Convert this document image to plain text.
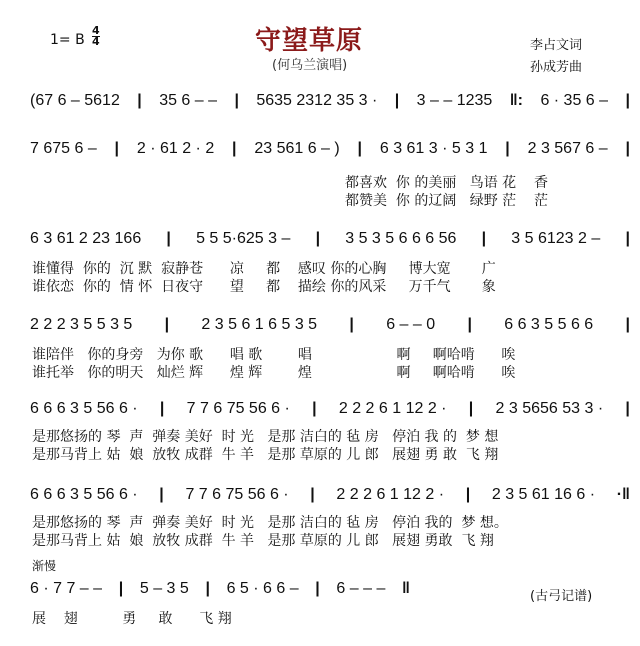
1= B
4
4	守望草原
(何乌兰演唱)
李占文词
孙成芳曲
(67 6 – 5612 | 35 6 – – | 5635 2312 35 3 · | 3 – – 1235 ‖: 6 · 35 6 – |
7 675 6 – | 2 · 61 2 · 2 | 23 561 6 – ) | 6 3 61 3 · 5 3 1 | 2 3 567 6 – |
都喜欢  你 的美丽   鸟语 花    香
都赞美  你 的辽阔   绿野 茫    茫
6 3 61 2 23 166 | 5 5 5·625 3 – | 3 5 3 5 6 6 6 56 | 3 5 6123 2 – |
谁懂得  你的  沉 默  寂静苍      凉     都    感叹 你的心胸     博大宽       广
谁依恋  你的  情 怀  日夜守      望     都    描绘 你的风采     万千气       象
2 2 2 3 5 5 3 5 | 2 3 5 6 1 6 5 3 5 | 6 – – 0 | 6 6 3 5 5 6 6 |
谁陪伴   你的身旁   为你 歌      唱 歌        唱                   啊     啊哈啃      唉
谁托举   你的明天   灿烂 辉      煌 辉        煌                   啊     啊哈啃      唉
6 6 6 3 5 56 6 · | 7 7 6 75 56 6 · | 2 2 2 6 1 12 2 · | 2 3 5656 53 3 · |
是那悠扬的 琴  声  弹奏 美好  时 光   是那 洁白的 毡 房   停泊 我 的  梦 想
是那马背上 姑  娘  放牧 成群  牛 羊   是那 草原的 儿 郎   展翅 勇 敢  飞 翔
6 6 6 3 5 56 6 · | 7 7 6 75 56 6 · | 2 2 2 6 1 12 2 · | 2 3 5 61 16 6 · ·‖
是那悠扬的 琴  声  弹奏 美好  时 光   是那 洁白的 毡 房   停泊 我的  梦 想。
是那马背上 姑  娘  放牧 成群  牛 羊   是那 草原的 儿 郎   展翅 勇敢  飞 翔
6 · 7 7 – – | 5 – 3 5 | 6 5 · 6 6 – | 6 – – – ‖
展    翅          勇     敢      飞 翔
渐慢
(古弓记谱)
